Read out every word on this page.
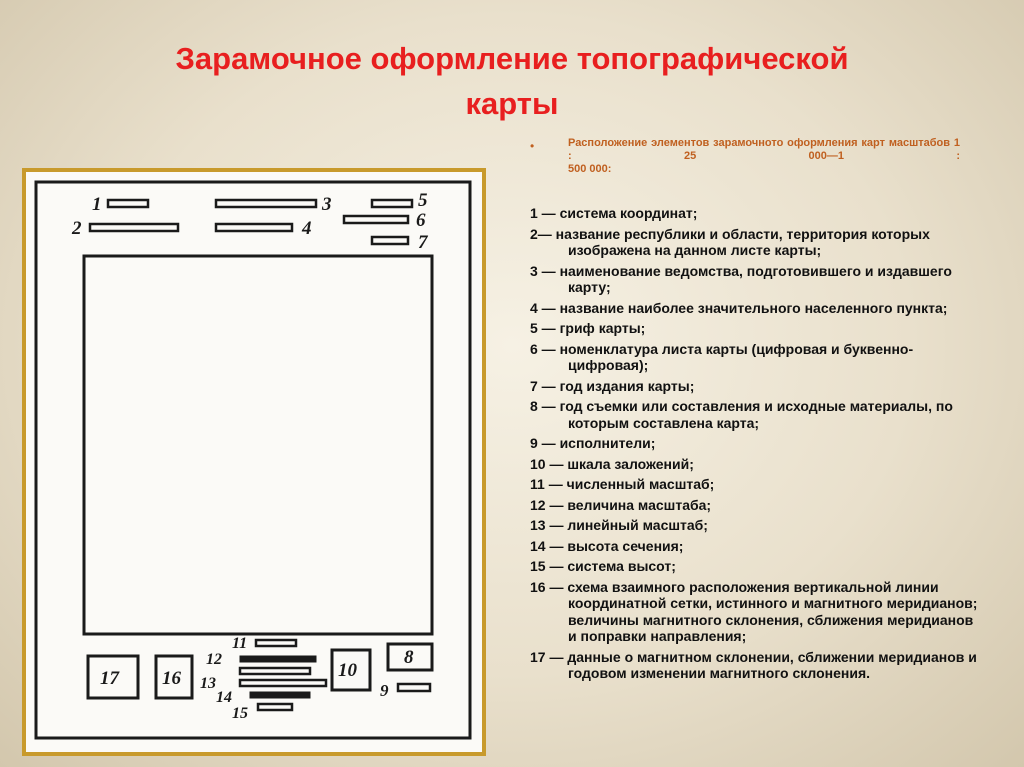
Зарамочное оформление топографической
карты
1
2
3
4
5
6
7
17 16	10
8
9
11
12
13
14
15
•	Расположение элементов зарамочното оформления карт масштабов 1 : 25 000—1 :
500 000:
1 — система координат;
2— название республики и области, территория которых изображена на данном листе карты;
3 — наименование ведомства, подготовившего и издавшего карту;
4 — название наиболее значительного населенного пункта;
5 — гриф карты;
6 — номенклатура листа карты (цифровая и буквенно-цифровая);
7 — год издания карты;
8 — год съемки или составления и исходные материалы, по которым составлена карта;
9 — исполнители;
10 — шкала заложений;
11 — численный масштаб;
12 — величина масштаба;
13 — линейный масштаб;
14 — высота сечения;
15 — система высот;
16 — схема взаимного расположения вертикальной линии координатной сетки, истинного и магнитного меридианов; величины магнитного склонения, сближения меридианов и поправки направления;
17 — данные о магнитном склонении, сближении меридианов и годовом изменении магнитного склонения.
